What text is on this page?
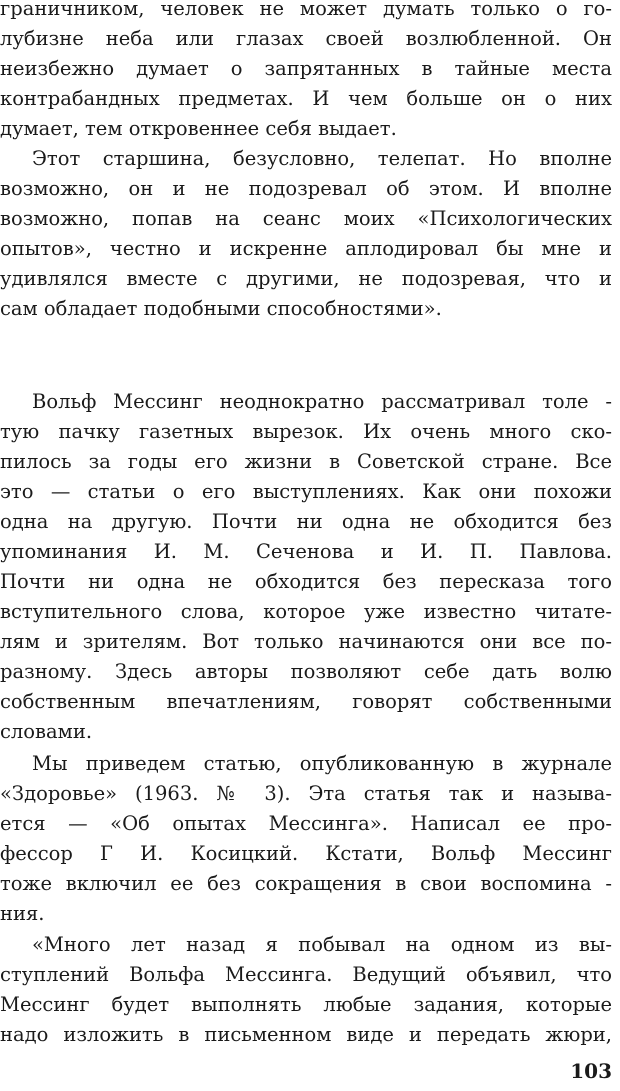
граничником, человек не может думать только о го-
лубизне неба или глазах своей возлюбленной. Он
неизбежно думает о запрятанных в тайные места
контрабандных предметах. И чем больше он о них
думает, тем откровеннее себя выдает.
Этот старшина, безусловно, телепат. Но вполне
возможно, он и не подозревал об этом. И вполне
возможно, попав на сеанс моих «Психологических
опытов», честно и искренне аплодировал бы мне и
удивлялся вместе с другими, не подозревая, что и
сам обладает подобными способностями».
Вольф Мессинг неоднократно рассматривал толе -
тую пачку газетных вырезок. Их очень много ско-
пилось за годы его жизни в Советской стране. Все
это — статьи о его выступлениях. Как они похожи
одна на другую. Почти ни одна не обходится без
упоминания И. М. Сеченова и И. П. Павлова.
Почти ни одна не обходится без пересказа того
вступительного слова, которое уже известно читате-
лям и зрителям. Вот только начинаются они все по-
разному. Здесь авторы позволяют себе дать волю
собственным впечатлениям, говорят собственными
словами.
Мы приведем статью, опубликованную в журнале
«Здоровье» (1963. № 3). Эта статья так и называ-
ется — «Об опытах Мессинга». Написал ее про-
фессор Г И. Косицкий. Кстати, Вольф Мессинг
тоже включил ее без сокращения в свои воспомина -
ния.
«Много лет назад я побывал на одном из вы-
ступлений Вольфа Мессинга. Ведущий объявил, что
Мессинг будет выполнять любые задания, которые
надо изложить в письменном виде и передать жюри,
103
